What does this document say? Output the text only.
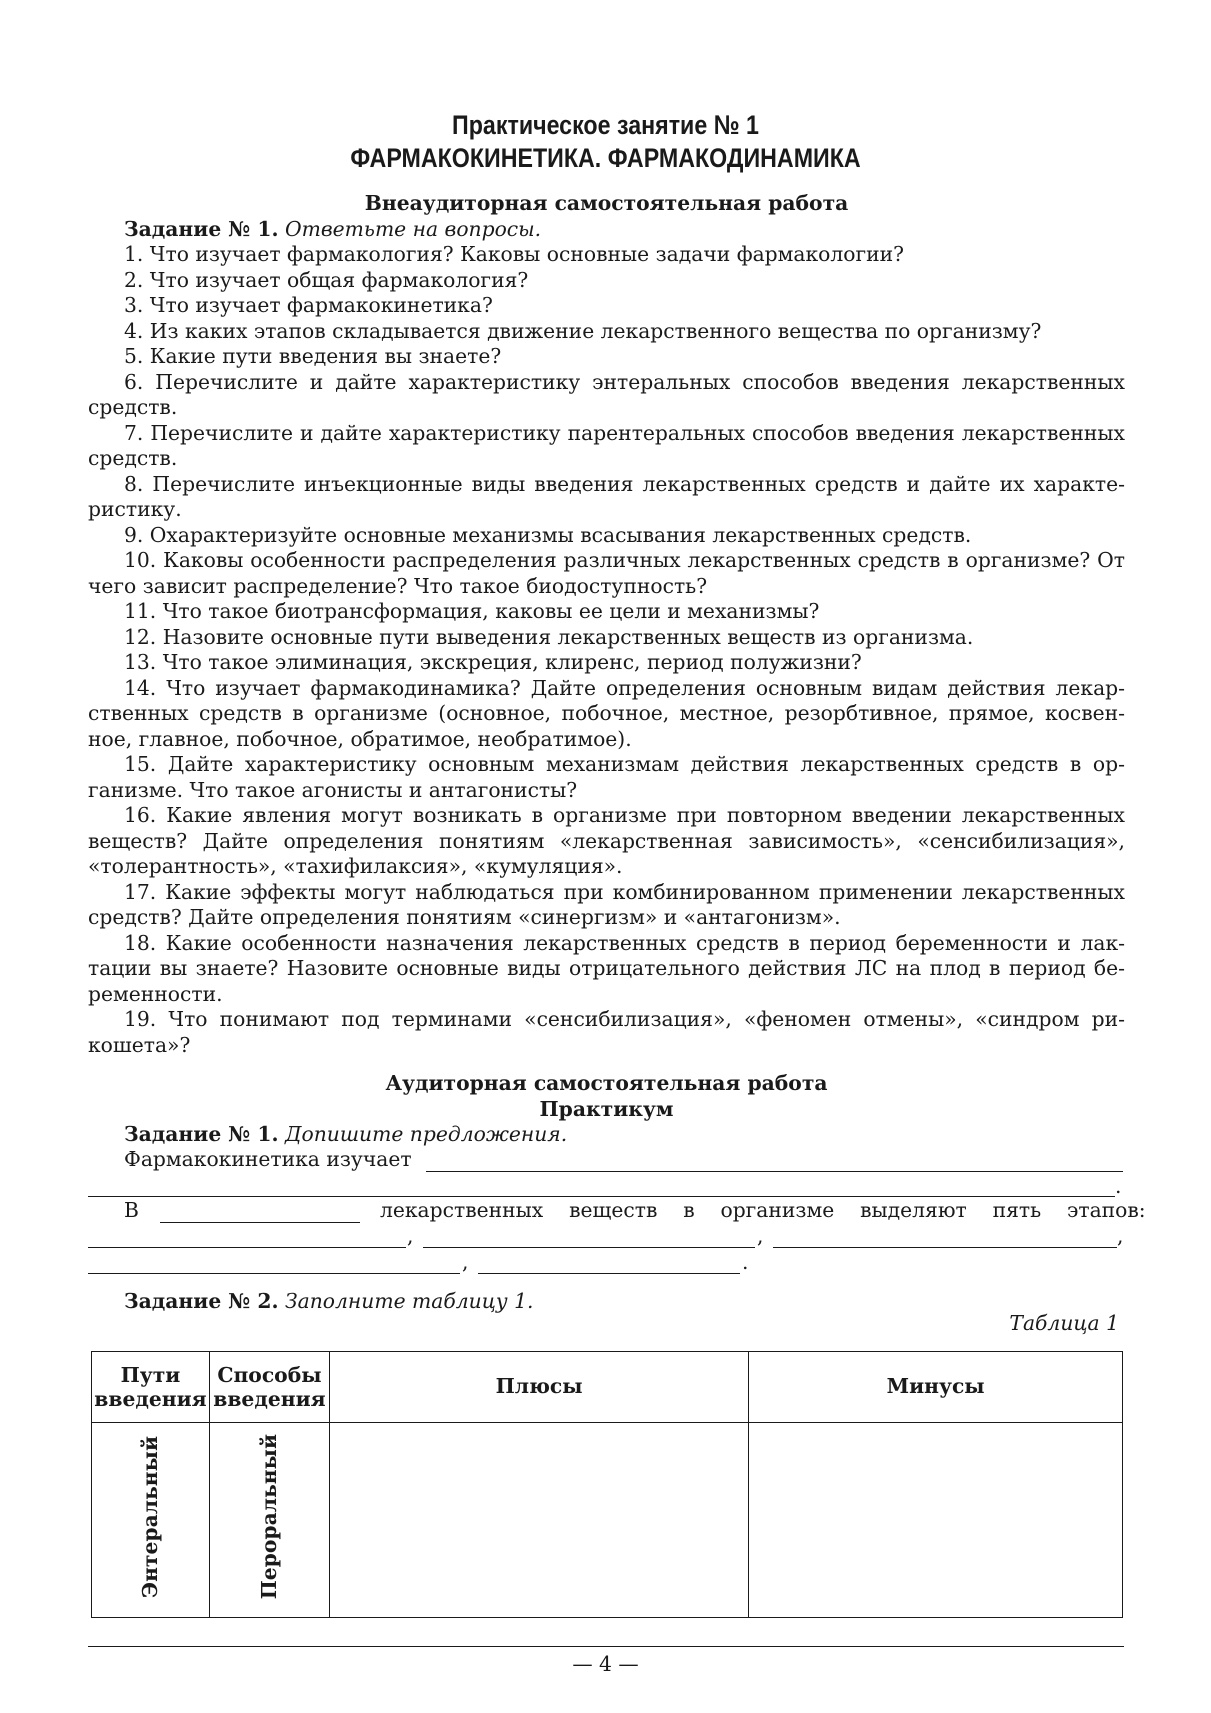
Практическое занятие № 1
ФАРМАКОКИНЕТИКА. ФАРМАКОДИНАМИКА
Внеаудиторная самостоятельная работа

Задание № 1. Ответьте на вопросы.

1. Что изучает фармакология? Каковы основные задачи фармакологии?

2. Что изучает общая фармакология?

3. Что изучает фармакокинетика?

4. Из каких этапов складывается движение лекарственного вещества по организму?

5. Какие пути введения вы знаете?

6. Перечислите и дайте характеристику энтеральных способов введения лекарственных средств.

7. Перечислите и дайте характеристику парентеральных способов введения лекарственных средств.

8. Перечислите инъекционные виды введения лекарственных средств и дайте их характеристику.

9. Охарактеризуйте основные механизмы всасывания лекарственных средств.

10. Каковы особенности распределения различных лекарственных средств в организме? От чего зависит распределение? Что такое биодоступность?

11. Что такое биотрансформация, каковы ее цели и механизмы?

12. Назовите основные пути выведения лекарственных веществ из организма.

13. Что такое элиминация, экскреция, клиренс, период полужизни?

14. Что изучает фармакодинамика? Дайте определения основным видам действия лекарственных средств в организме (основное, побочное, местное, резорбтивное, прямое, косвенное, главное, побочное, обратимое, необратимое).

15. Дайте характеристику основным механизмам действия лекарственных средств в организме. Что такое агонисты и антагонисты?

16. Какие явления могут возникать в организме при повторном введении лекарственных веществ? Дайте определения понятиям «лекарственная зависимость», «сенсибилизация», «толерантность», «тахифилаксия», «кумуляция».

17. Какие эффекты могут наблюдаться при комбинированном применении лекарственных средств? Дайте определения понятиям «синергизм» и «антагонизм».

18. Какие особенности назначения лекарственных средств в период беременности и лактации вы знаете? Назовите основные виды отрицательного действия ЛС на плод в период беременности.

19. Что понимают под терминами «сенсибилизация», «феномен отмены», «синдром рикошета»?

Аудиторная самостоятельная работа
Практикум

Задание № 1. Допишите предложения.

Фармакокинетика изучает
.
В	лекарственных веществ в организме выделяют пять этапов:
,	,	,
,	.
Задание № 2. Заполните таблицу 1.
Таблица 1
Пути введения	Способы введения	Плюсы	Минусы
Энтеральный	Пероральный		
— 4 —
